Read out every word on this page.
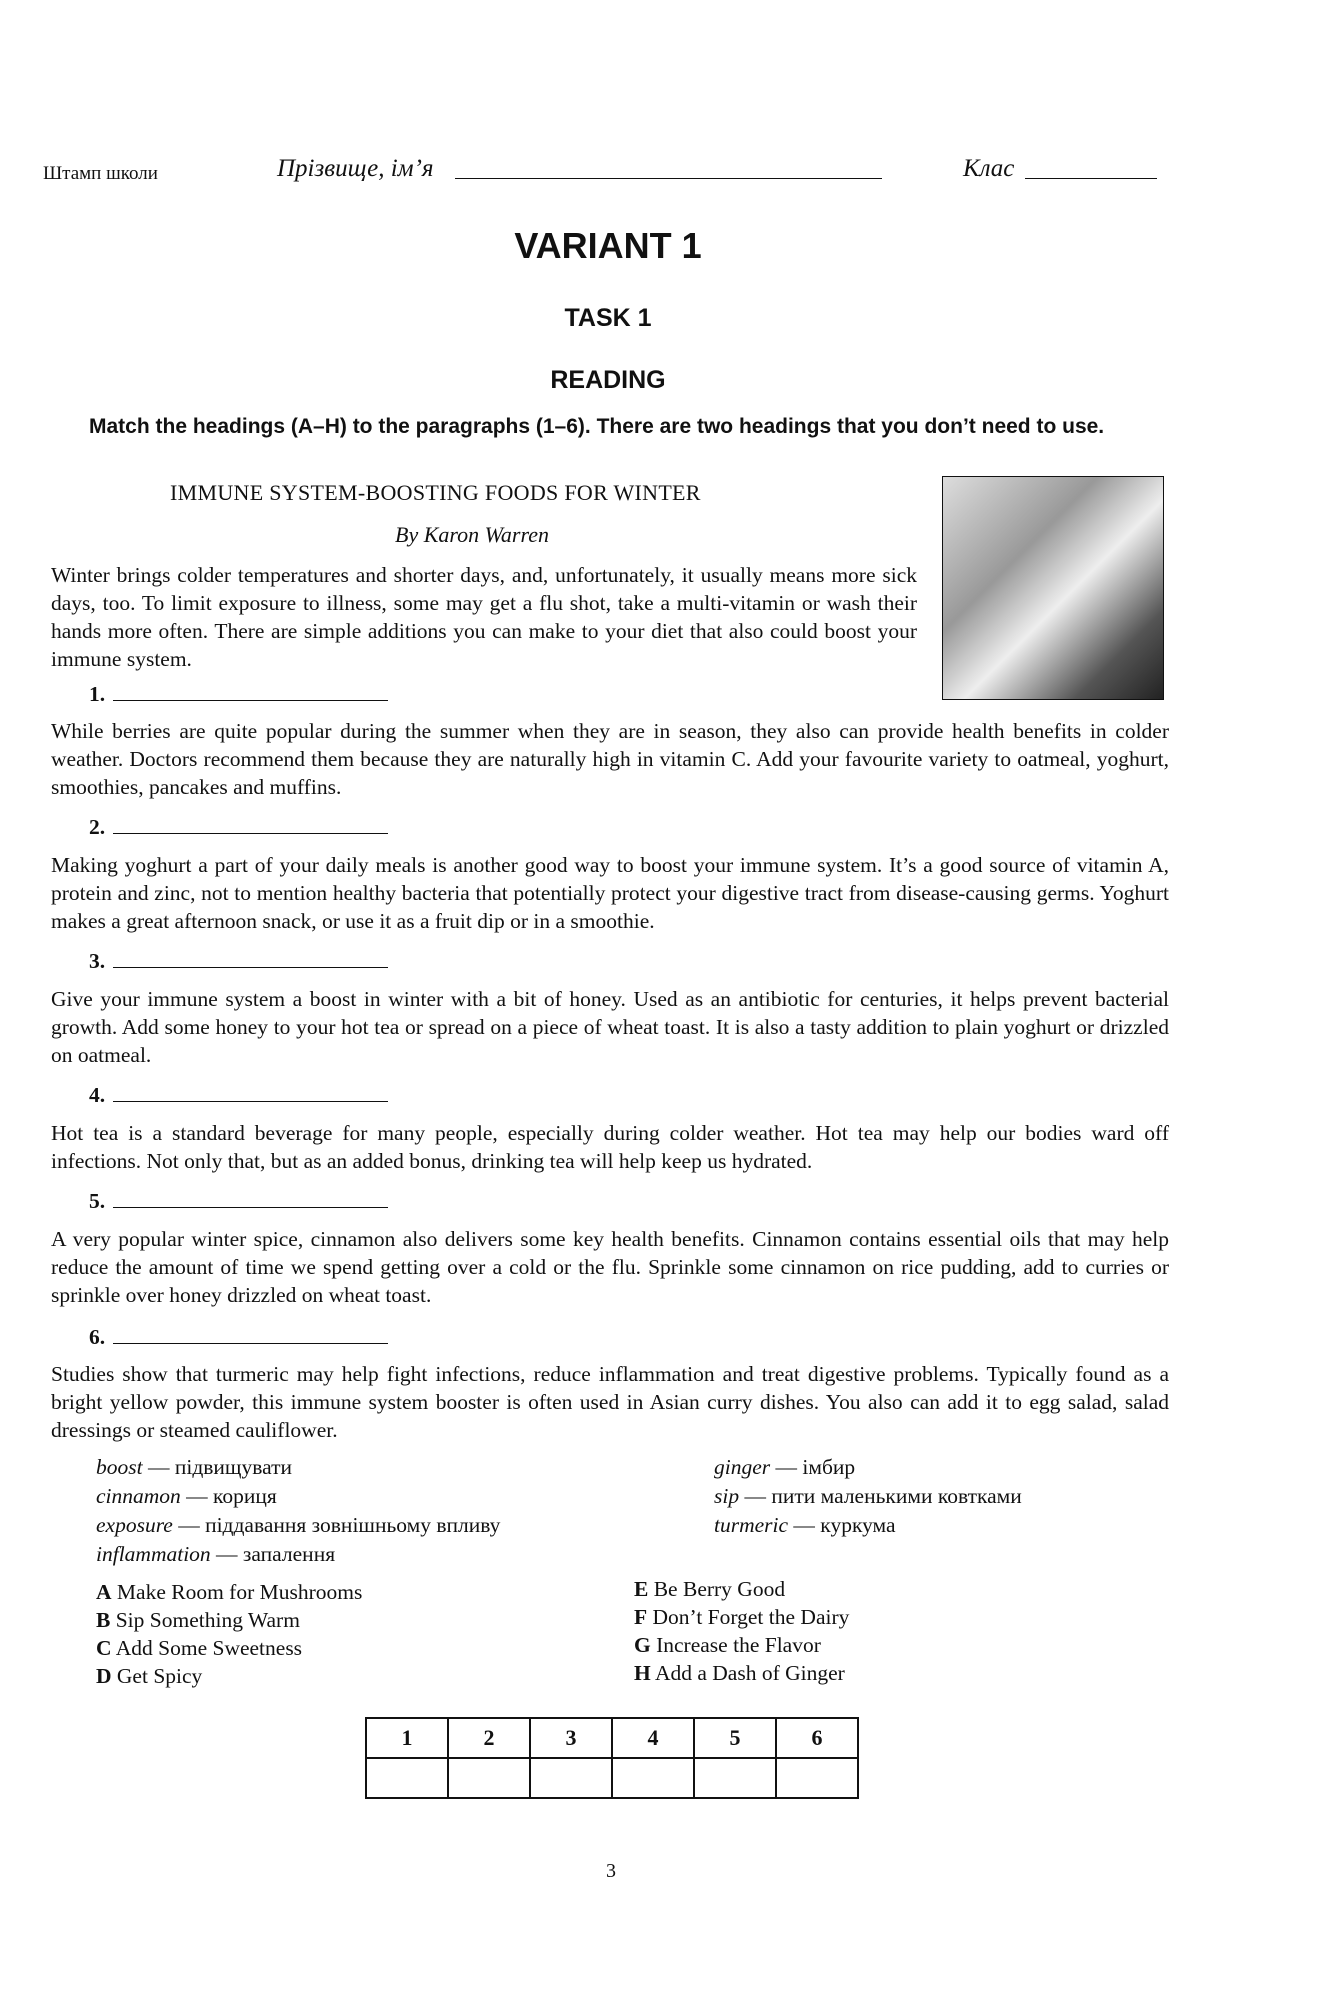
Штамп школи	Прізвище, ім’я	Клас
VARIANT 1
TASK 1
READING
Match the headings (A–H) to the paragraphs (1–6). There are two headings that you don’t need to use.
IMMUNE SYSTEM-BOOSTING FOODS FOR WINTER
By Karon Warren
Winter brings colder temperatures and shorter days, and, unfortunately, it usually means more sick days, too. To limit exposure to illness, some may get a flu shot, take a multi-vitamin or wash their hands more often. There are simple additions you can make to your diet that also could boost your immune system.
1.
While berries are quite popular during the summer when they are in season, they also can provide health benefits in colder weather. Doctors recommend them because they are naturally high in vitamin C. Add your favourite variety to oatmeal, yoghurt, smoothies, pancakes and muffins.
2.
Making yoghurt a part of your daily meals is another good way to boost your immune system. It’s a good source of vitamin A, protein and zinc, not to mention healthy bacteria that potentially protect your digestive tract from disease-causing germs. Yoghurt makes a great afternoon snack, or use it as a fruit dip or in a smoothie.
3.
Give your immune system a boost in winter with a bit of honey. Used as an antibiotic for centuries, it helps prevent bacterial growth. Add some honey to your hot tea or spread on a piece of wheat toast. It is also a tasty addition to plain yoghurt or drizzled on oatmeal.
4.
Hot tea is a standard beverage for many people, especially during colder weather. Hot tea may help our bodies ward off infections. Not only that, but as an added bonus, drinking tea will help keep us hydrated.
5.
A very popular winter spice, cinnamon also delivers some key health benefits. Cinnamon contains essential oils that may help reduce the amount of time we spend getting over a cold or the flu. Sprinkle some cinnamon on rice pudding, add to curries or sprinkle over honey drizzled on wheat toast.
6.
Studies show that turmeric may help fight infections, reduce inflammation and treat digestive problems. Typically found as a bright yellow powder, this immune system booster is often used in Asian curry dishes. You also can add it to egg salad, salad dressings or steamed cauliflower.
boost — підвищувати
cinnamon — кориця
exposure — піддавання зовнішньому впливу
inflammation — запалення
ginger — імбир
sip — пити маленькими ковтками
turmeric — куркума
A Make Room for Mushrooms
B Sip Something Warm
C Add Some Sweetness
D Get Spicy
E Be Berry Good
F Don’t Forget the Dairy
G Increase the Flavor
H Add a Dash of Ginger
1	2	3	4	5	6

3
